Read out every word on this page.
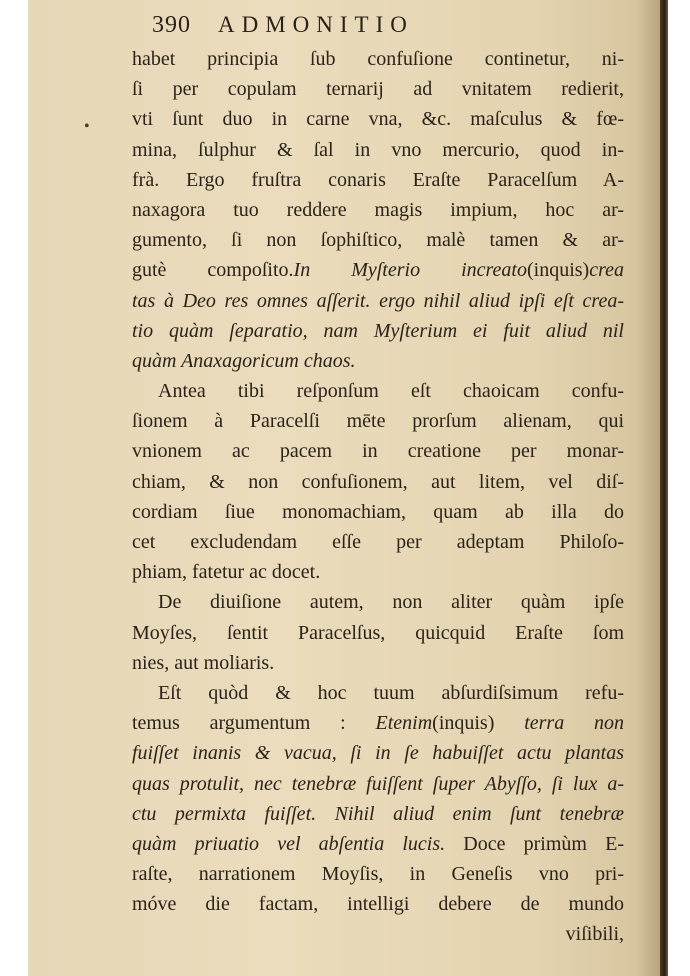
390 ADMONITIO
habet principia ſub confuſione continetur, ni-
ſi per copulam ternarij ad vnitatem redierit,
vti ſunt duo in carne vna, &c. maſculus & fœ-
mina, ſulphur & ſal in vno mercurio, quod in-
frà. Ergo fruſtra conaris Eraſte Paracelſum A-
naxagora tuo reddere magis impium, hoc ar-
gumento, ſi non ſophiſtico, malè tamen & ar-
gutè compoſito.In Myſterio increato(inquis)crea
tas à Deo res omnes aſſerit. ergo nihil aliud ipſi eſt crea-
tio quàm ſeparatio, nam Myſterium ei fuit aliud nil
quàm Anaxagoricum chaos.
Antea tibi reſponſum eſt chaoicam confu-
ſionem à Paracelſi mēte prorſum alienam, qui
vnionem ac pacem in creatione per monar-
chiam, & non confuſionem, aut litem, vel diſ-
cordiam ſiue monomachiam, quam ab illa do
cet excludendam eſſe per adeptam Philoſo-
phiam, fatetur ac docet.
De diuiſione autem, non aliter quàm ipſe
Moyſes, ſentit Paracelſus, quicquid Eraſte ſom
nies, aut moliaris.
Eſt quòd & hoc tuum abſurdiſsimum refu-
temus argumentum : Etenim(inquis) terra non
fuiſſet inanis & vacua, ſi in ſe habuiſſet actu plantas
quas protulit, nec tenebræ fuiſſent ſuper Abyſſo, ſi lux a-
ctu permixta fuiſſet. Nihil aliud enim ſunt tenebræ
quàm priuatio vel abſentia lucis. Doce primùm E-
raſte, narrationem Moyſis, in Geneſis vno pri-
móve die factam, intelligi debere de mundo
viſibili,
•
